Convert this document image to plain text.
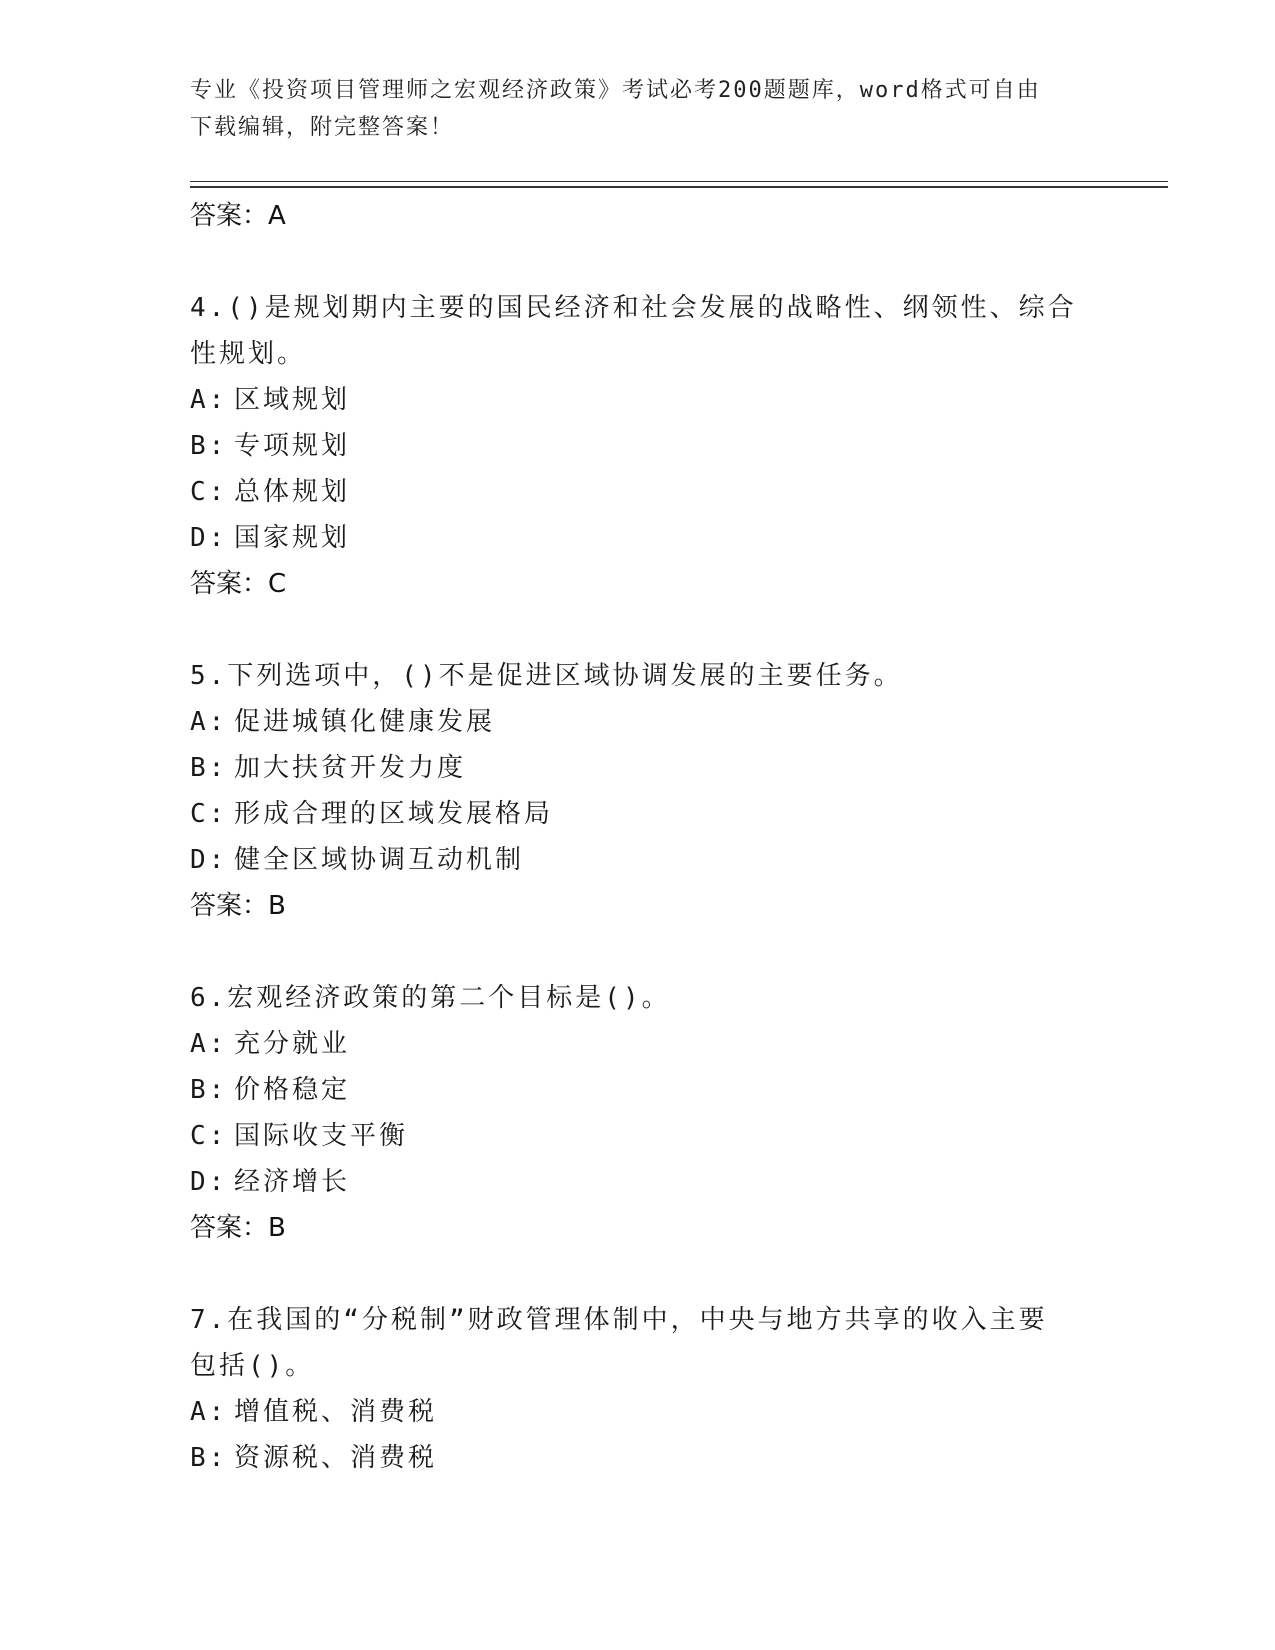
专业《投资项目管理师之宏观经济政策》考试必考200题题库，word格式可自由
下载编辑，附完整答案！
答案：A
4.()是规划期内主要的国民经济和社会发展的战略性、纲领性、综合
性规划。
A: 区域规划
B: 专项规划
C: 总体规划
D: 国家规划
答案：C
5.下列选项中，()不是促进区域协调发展的主要任务。
A: 促进城镇化健康发展
B: 加大扶贫开发力度
C: 形成合理的区域发展格局
D: 健全区域协调互动机制
答案：B
6.宏观经济政策的第二个目标是()。
A: 充分就业
B: 价格稳定
C: 国际收支平衡
D: 经济增长
答案：B
7.在我国的“分税制”财政管理体制中，中央与地方共享的收入主要
包括()。
A: 增值税、消费税
B: 资源税、消费税
